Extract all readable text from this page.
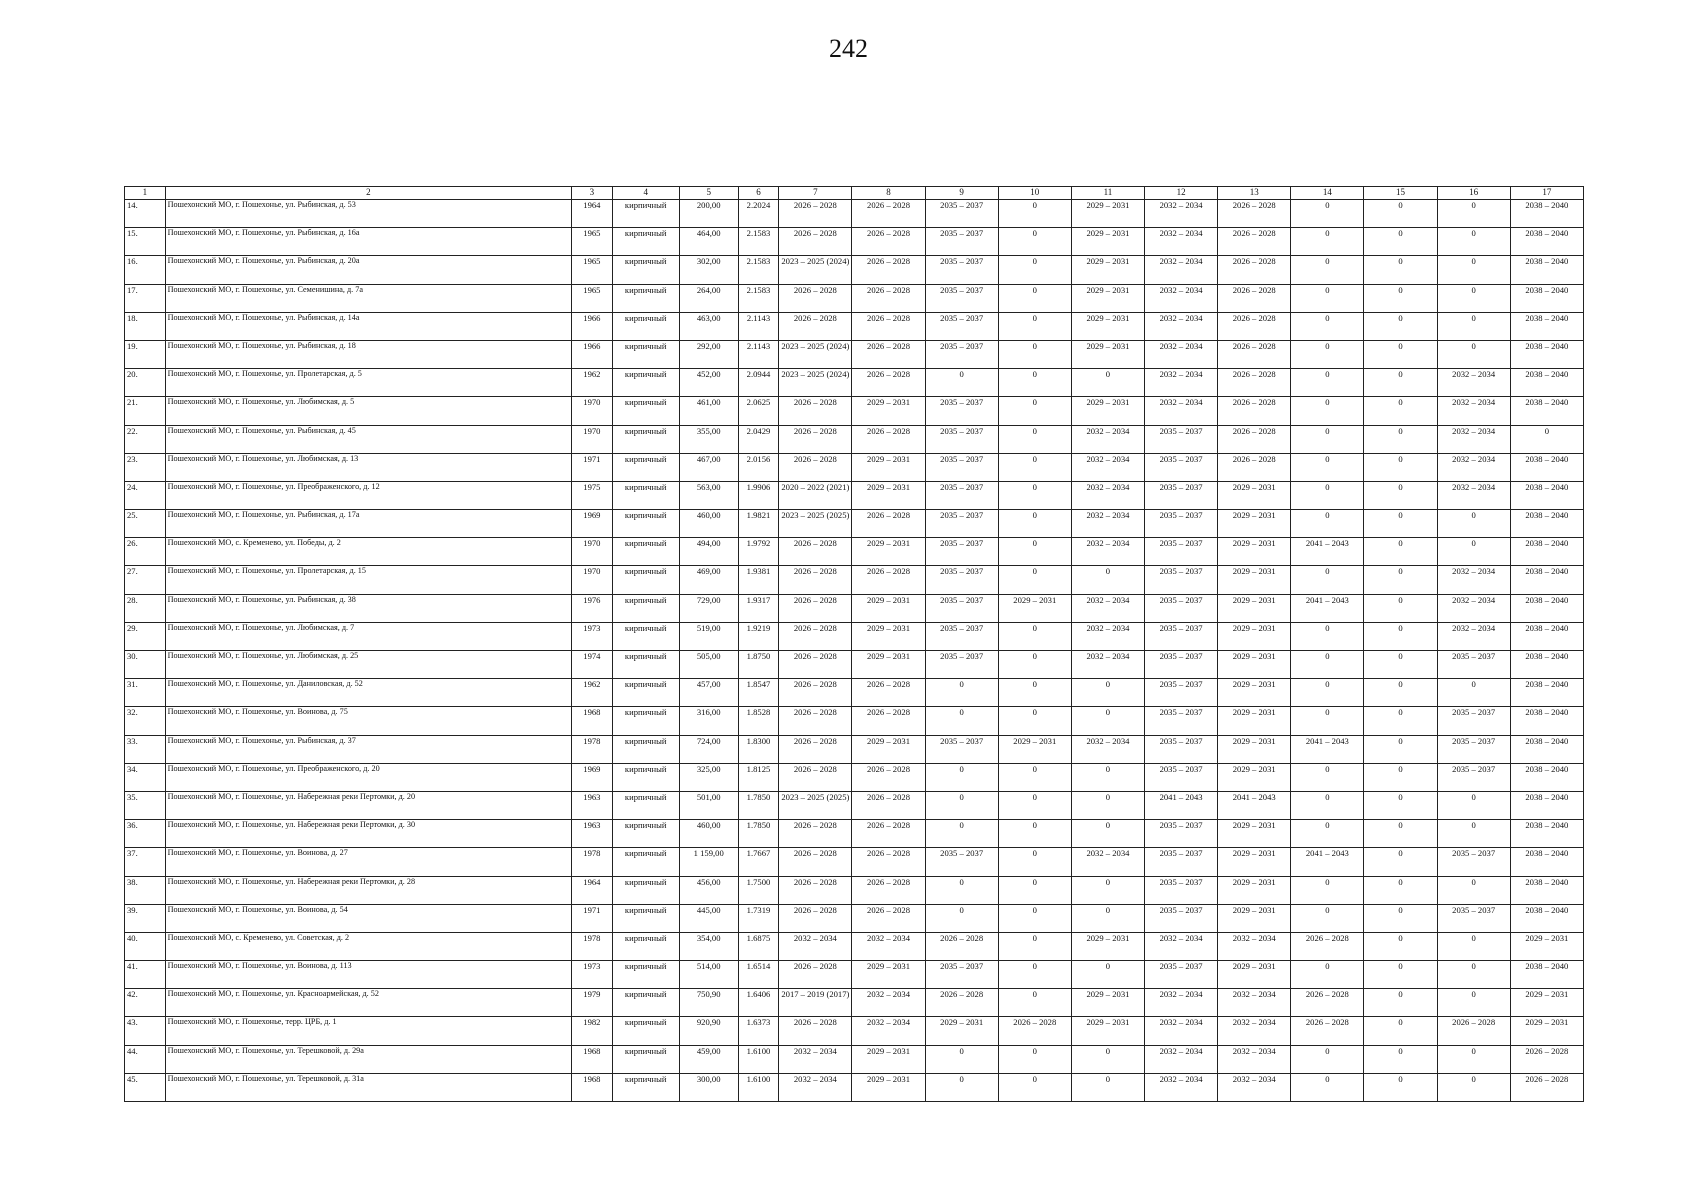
242
1	2	3	4	5	6	7	8	9	10	11	12	13	14	15	16	17
14.	Пошехонский МО, г. Пошехонье, ул. Рыбинская, д. 53	1964	кирпичный	200,00	2.2024	2026 – 2028	2026 – 2028	2035 – 2037	0	2029 – 2031	2032 – 2034	2026 – 2028	0	0	0	2038 – 2040
15.	Пошехонский МО, г. Пошехонье, ул. Рыбинская, д. 16а	1965	кирпичный	464,00	2.1583	2026 – 2028	2026 – 2028	2035 – 2037	0	2029 – 2031	2032 – 2034	2026 – 2028	0	0	0	2038 – 2040
16.	Пошехонский МО, г. Пошехонье, ул. Рыбинская, д. 20а	1965	кирпичный	302,00	2.1583	2023 – 2025 (2024)	2026 – 2028	2035 – 2037	0	2029 – 2031	2032 – 2034	2026 – 2028	0	0	0	2038 – 2040
17.	Пошехонский МО, г. Пошехонье, ул. Семенишина, д. 7а	1965	кирпичный	264,00	2.1583	2026 – 2028	2026 – 2028	2035 – 2037	0	2029 – 2031	2032 – 2034	2026 – 2028	0	0	0	2038 – 2040
18.	Пошехонский МО, г. Пошехонье, ул. Рыбинская, д. 14а	1966	кирпичный	463,00	2.1143	2026 – 2028	2026 – 2028	2035 – 2037	0	2029 – 2031	2032 – 2034	2026 – 2028	0	0	0	2038 – 2040
19.	Пошехонский МО, г. Пошехонье, ул. Рыбинская, д. 18	1966	кирпичный	292,00	2.1143	2023 – 2025 (2024)	2026 – 2028	2035 – 2037	0	2029 – 2031	2032 – 2034	2026 – 2028	0	0	0	2038 – 2040
20.	Пошехонский МО, г. Пошехонье, ул. Пролетарская, д. 5	1962	кирпичный	452,00	2.0944	2023 – 2025 (2024)	2026 – 2028	0	0	0	2032 – 2034	2026 – 2028	0	0	2032 – 2034	2038 – 2040
21.	Пошехонский МО, г. Пошехонье, ул. Любимская, д. 5	1970	кирпичный	461,00	2.0625	2026 – 2028	2029 – 2031	2035 – 2037	0	2029 – 2031	2032 – 2034	2026 – 2028	0	0	2032 – 2034	2038 – 2040
22.	Пошехонский МО, г. Пошехонье, ул. Рыбинская, д. 45	1970	кирпичный	355,00	2.0429	2026 – 2028	2026 – 2028	2035 – 2037	0	2032 – 2034	2035 – 2037	2026 – 2028	0	0	2032 – 2034	0
23.	Пошехонский МО, г. Пошехонье, ул. Любимская, д. 13	1971	кирпичный	467,00	2.0156	2026 – 2028	2029 – 2031	2035 – 2037	0	2032 – 2034	2035 – 2037	2026 – 2028	0	0	2032 – 2034	2038 – 2040
24.	Пошехонский МО, г. Пошехонье, ул. Преображенского, д. 12	1975	кирпичный	563,00	1.9906	2020 – 2022 (2021)	2029 – 2031	2035 – 2037	0	2032 – 2034	2035 – 2037	2029 – 2031	0	0	2032 – 2034	2038 – 2040
25.	Пошехонский МО, г. Пошехонье, ул. Рыбинская, д. 17а	1969	кирпичный	460,00	1.9821	2023 – 2025 (2025)	2026 – 2028	2035 – 2037	0	2032 – 2034	2035 – 2037	2029 – 2031	0	0	0	2038 – 2040
26.	Пошехонский МО, с. Кременево, ул. Победы, д. 2	1970	кирпичный	494,00	1.9792	2026 – 2028	2029 – 2031	2035 – 2037	0	2032 – 2034	2035 – 2037	2029 – 2031	2041 – 2043	0	0	2038 – 2040
27.	Пошехонский МО, г. Пошехонье, ул. Пролетарская, д. 15	1970	кирпичный	469,00	1.9381	2026 – 2028	2026 – 2028	2035 – 2037	0	0	2035 – 2037	2029 – 2031	0	0	2032 – 2034	2038 – 2040
28.	Пошехонский МО, г. Пошехонье, ул. Рыбинская, д. 38	1976	кирпичный	729,00	1.9317	2026 – 2028	2029 – 2031	2035 – 2037	2029 – 2031	2032 – 2034	2035 – 2037	2029 – 2031	2041 – 2043	0	2032 – 2034	2038 – 2040
29.	Пошехонский МО, г. Пошехонье, ул. Любимская, д. 7	1973	кирпичный	519,00	1.9219	2026 – 2028	2029 – 2031	2035 – 2037	0	2032 – 2034	2035 – 2037	2029 – 2031	0	0	2032 – 2034	2038 – 2040
30.	Пошехонский МО, г. Пошехонье, ул. Любимская, д. 25	1974	кирпичный	505,00	1.8750	2026 – 2028	2029 – 2031	2035 – 2037	0	2032 – 2034	2035 – 2037	2029 – 2031	0	0	2035 – 2037	2038 – 2040
31.	Пошехонский МО, г. Пошехонье, ул. Даниловская, д. 52	1962	кирпичный	457,00	1.8547	2026 – 2028	2026 – 2028	0	0	0	2035 – 2037	2029 – 2031	0	0	0	2038 – 2040
32.	Пошехонский МО, г. Пошехонье, ул. Воинова, д. 75	1968	кирпичный	316,00	1.8528	2026 – 2028	2026 – 2028	0	0	0	2035 – 2037	2029 – 2031	0	0	2035 – 2037	2038 – 2040
33.	Пошехонский МО, г. Пошехонье, ул. Рыбинская, д. 37	1978	кирпичный	724,00	1.8300	2026 – 2028	2029 – 2031	2035 – 2037	2029 – 2031	2032 – 2034	2035 – 2037	2029 – 2031	2041 – 2043	0	2035 – 2037	2038 – 2040
34.	Пошехонский МО, г. Пошехонье, ул. Преображенского, д. 20	1969	кирпичный	325,00	1.8125	2026 – 2028	2026 – 2028	0	0	0	2035 – 2037	2029 – 2031	0	0	2035 – 2037	2038 – 2040
35.	Пошехонский МО, г. Пошехонье, ул. Набережная реки Пертомки, д. 20	1963	кирпичный	501,00	1.7850	2023 – 2025 (2025)	2026 – 2028	0	0	0	2041 – 2043	2041 – 2043	0	0	0	2038 – 2040
36.	Пошехонский МО, г. Пошехонье, ул. Набережная реки Пертомки, д. 30	1963	кирпичный	460,00	1.7850	2026 – 2028	2026 – 2028	0	0	0	2035 – 2037	2029 – 2031	0	0	0	2038 – 2040
37.	Пошехонский МО, г. Пошехонье, ул. Воинова, д. 27	1978	кирпичный	1 159,00	1.7667	2026 – 2028	2026 – 2028	2035 – 2037	0	2032 – 2034	2035 – 2037	2029 – 2031	2041 – 2043	0	2035 – 2037	2038 – 2040
38.	Пошехонский МО, г. Пошехонье, ул. Набережная реки Пертомки, д. 28	1964	кирпичный	456,00	1.7500	2026 – 2028	2026 – 2028	0	0	0	2035 – 2037	2029 – 2031	0	0	0	2038 – 2040
39.	Пошехонский МО, г. Пошехонье, ул. Воинова, д. 54	1971	кирпичный	445,00	1.7319	2026 – 2028	2026 – 2028	0	0	0	2035 – 2037	2029 – 2031	0	0	2035 – 2037	2038 – 2040
40.	Пошехонский МО, с. Кременево, ул. Советская, д. 2	1978	кирпичный	354,00	1.6875	2032 – 2034	2032 – 2034	2026 – 2028	0	2029 – 2031	2032 – 2034	2032 – 2034	2026 – 2028	0	0	2029 – 2031
41.	Пошехонский МО, г. Пошехонье, ул. Воинова, д. 113	1973	кирпичный	514,00	1.6514	2026 – 2028	2029 – 2031	2035 – 2037	0	0	2035 – 2037	2029 – 2031	0	0	0	2038 – 2040
42.	Пошехонский МО, г. Пошехонье, ул. Красноармейская, д. 52	1979	кирпичный	750,90	1.6406	2017 – 2019 (2017)	2032 – 2034	2026 – 2028	0	2029 – 2031	2032 – 2034	2032 – 2034	2026 – 2028	0	0	2029 – 2031
43.	Пошехонский МО, г. Пошехонье, терр. ЦРБ, д. 1	1982	кирпичный	920,90	1.6373	2026 – 2028	2032 – 2034	2029 – 2031	2026 – 2028	2029 – 2031	2032 – 2034	2032 – 2034	2026 – 2028	0	2026 – 2028	2029 – 2031
44.	Пошехонский МО, г. Пошехонье, ул. Терешковой, д. 29а	1968	кирпичный	459,00	1.6100	2032 – 2034	2029 – 2031	0	0	0	2032 – 2034	2032 – 2034	0	0	0	2026 – 2028
45.	Пошехонский МО, г. Пошехонье, ул. Терешковой, д. 31а	1968	кирпичный	300,00	1.6100	2032 – 2034	2029 – 2031	0	0	0	2032 – 2034	2032 – 2034	0	0	0	2026 – 2028
